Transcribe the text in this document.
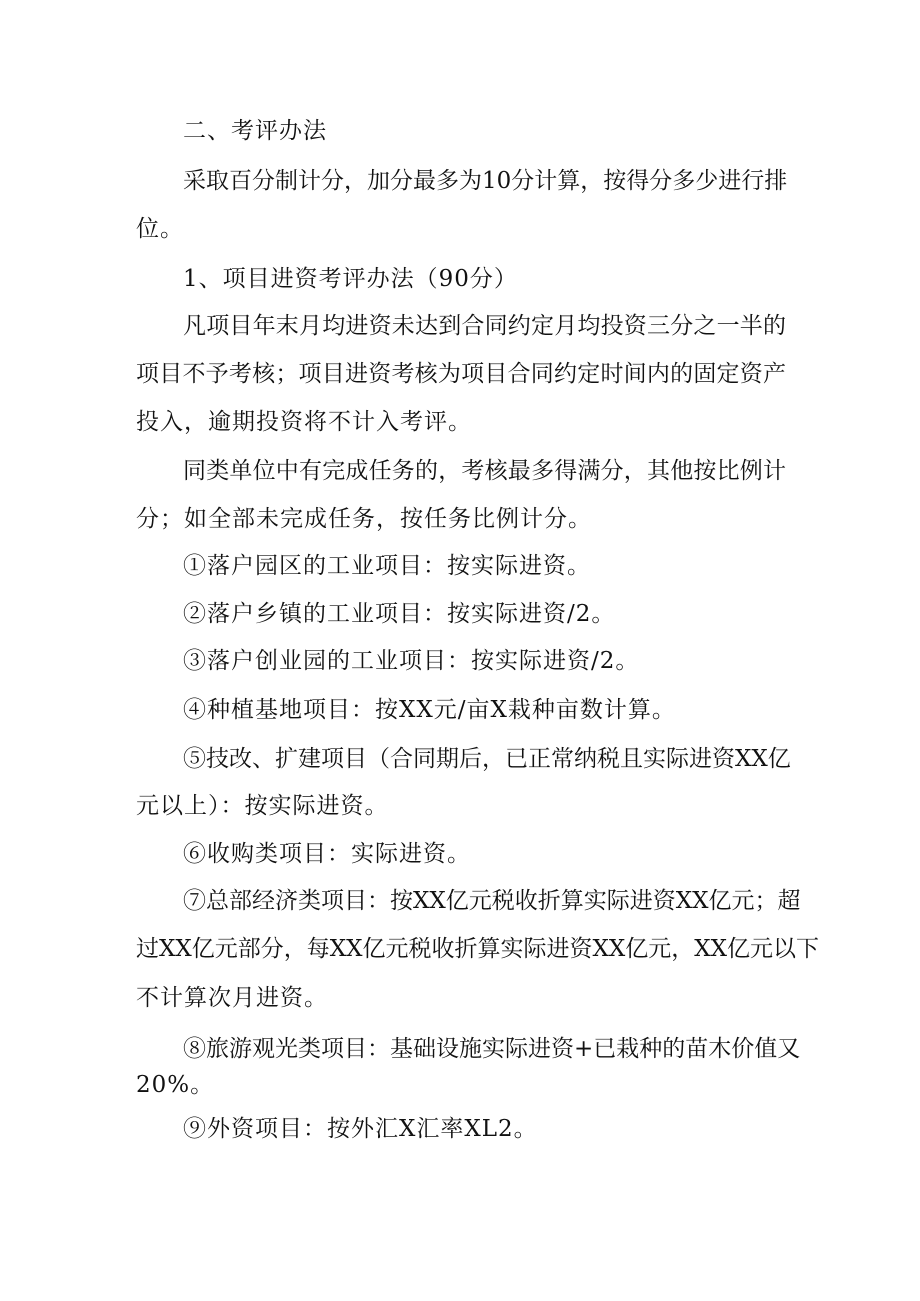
二、考评办法
采取百分制计分，加分最多为10分计算，按得分多少进行排
位。
1、项目进资考评办法（90分）
凡项目年末月均进资未达到合同约定月均投资三分之一半的
项目不予考核；项目进资考核为项目合同约定时间内的固定资产
投入，逾期投资将不计入考评。
同类单位中有完成任务的，考核最多得满分，其他按比例计
分；如全部未完成任务，按任务比例计分。
①落户园区的工业项目：按实际进资。
②落户乡镇的工业项目：按实际进资/2。
③落户创业园的工业项目：按实际进资/2。
④种植基地项目：按XX元/亩X栽种亩数计算。
⑤技改、扩建项目（合同期后，已正常纳税且实际进资XX亿
元以上）：按实际进资。
⑥收购类项目：实际进资。
⑦总部经济类项目：按XX亿元税收折算实际进资XX亿元；超
过XX亿元部分，每XX亿元税收折算实际进资XX亿元，XX亿元以下
不计算次月进资。
⑧旅游观光类项目：基础设施实际进资+已栽种的苗木价值又
20%。
⑨外资项目：按外汇X汇率XL2。
